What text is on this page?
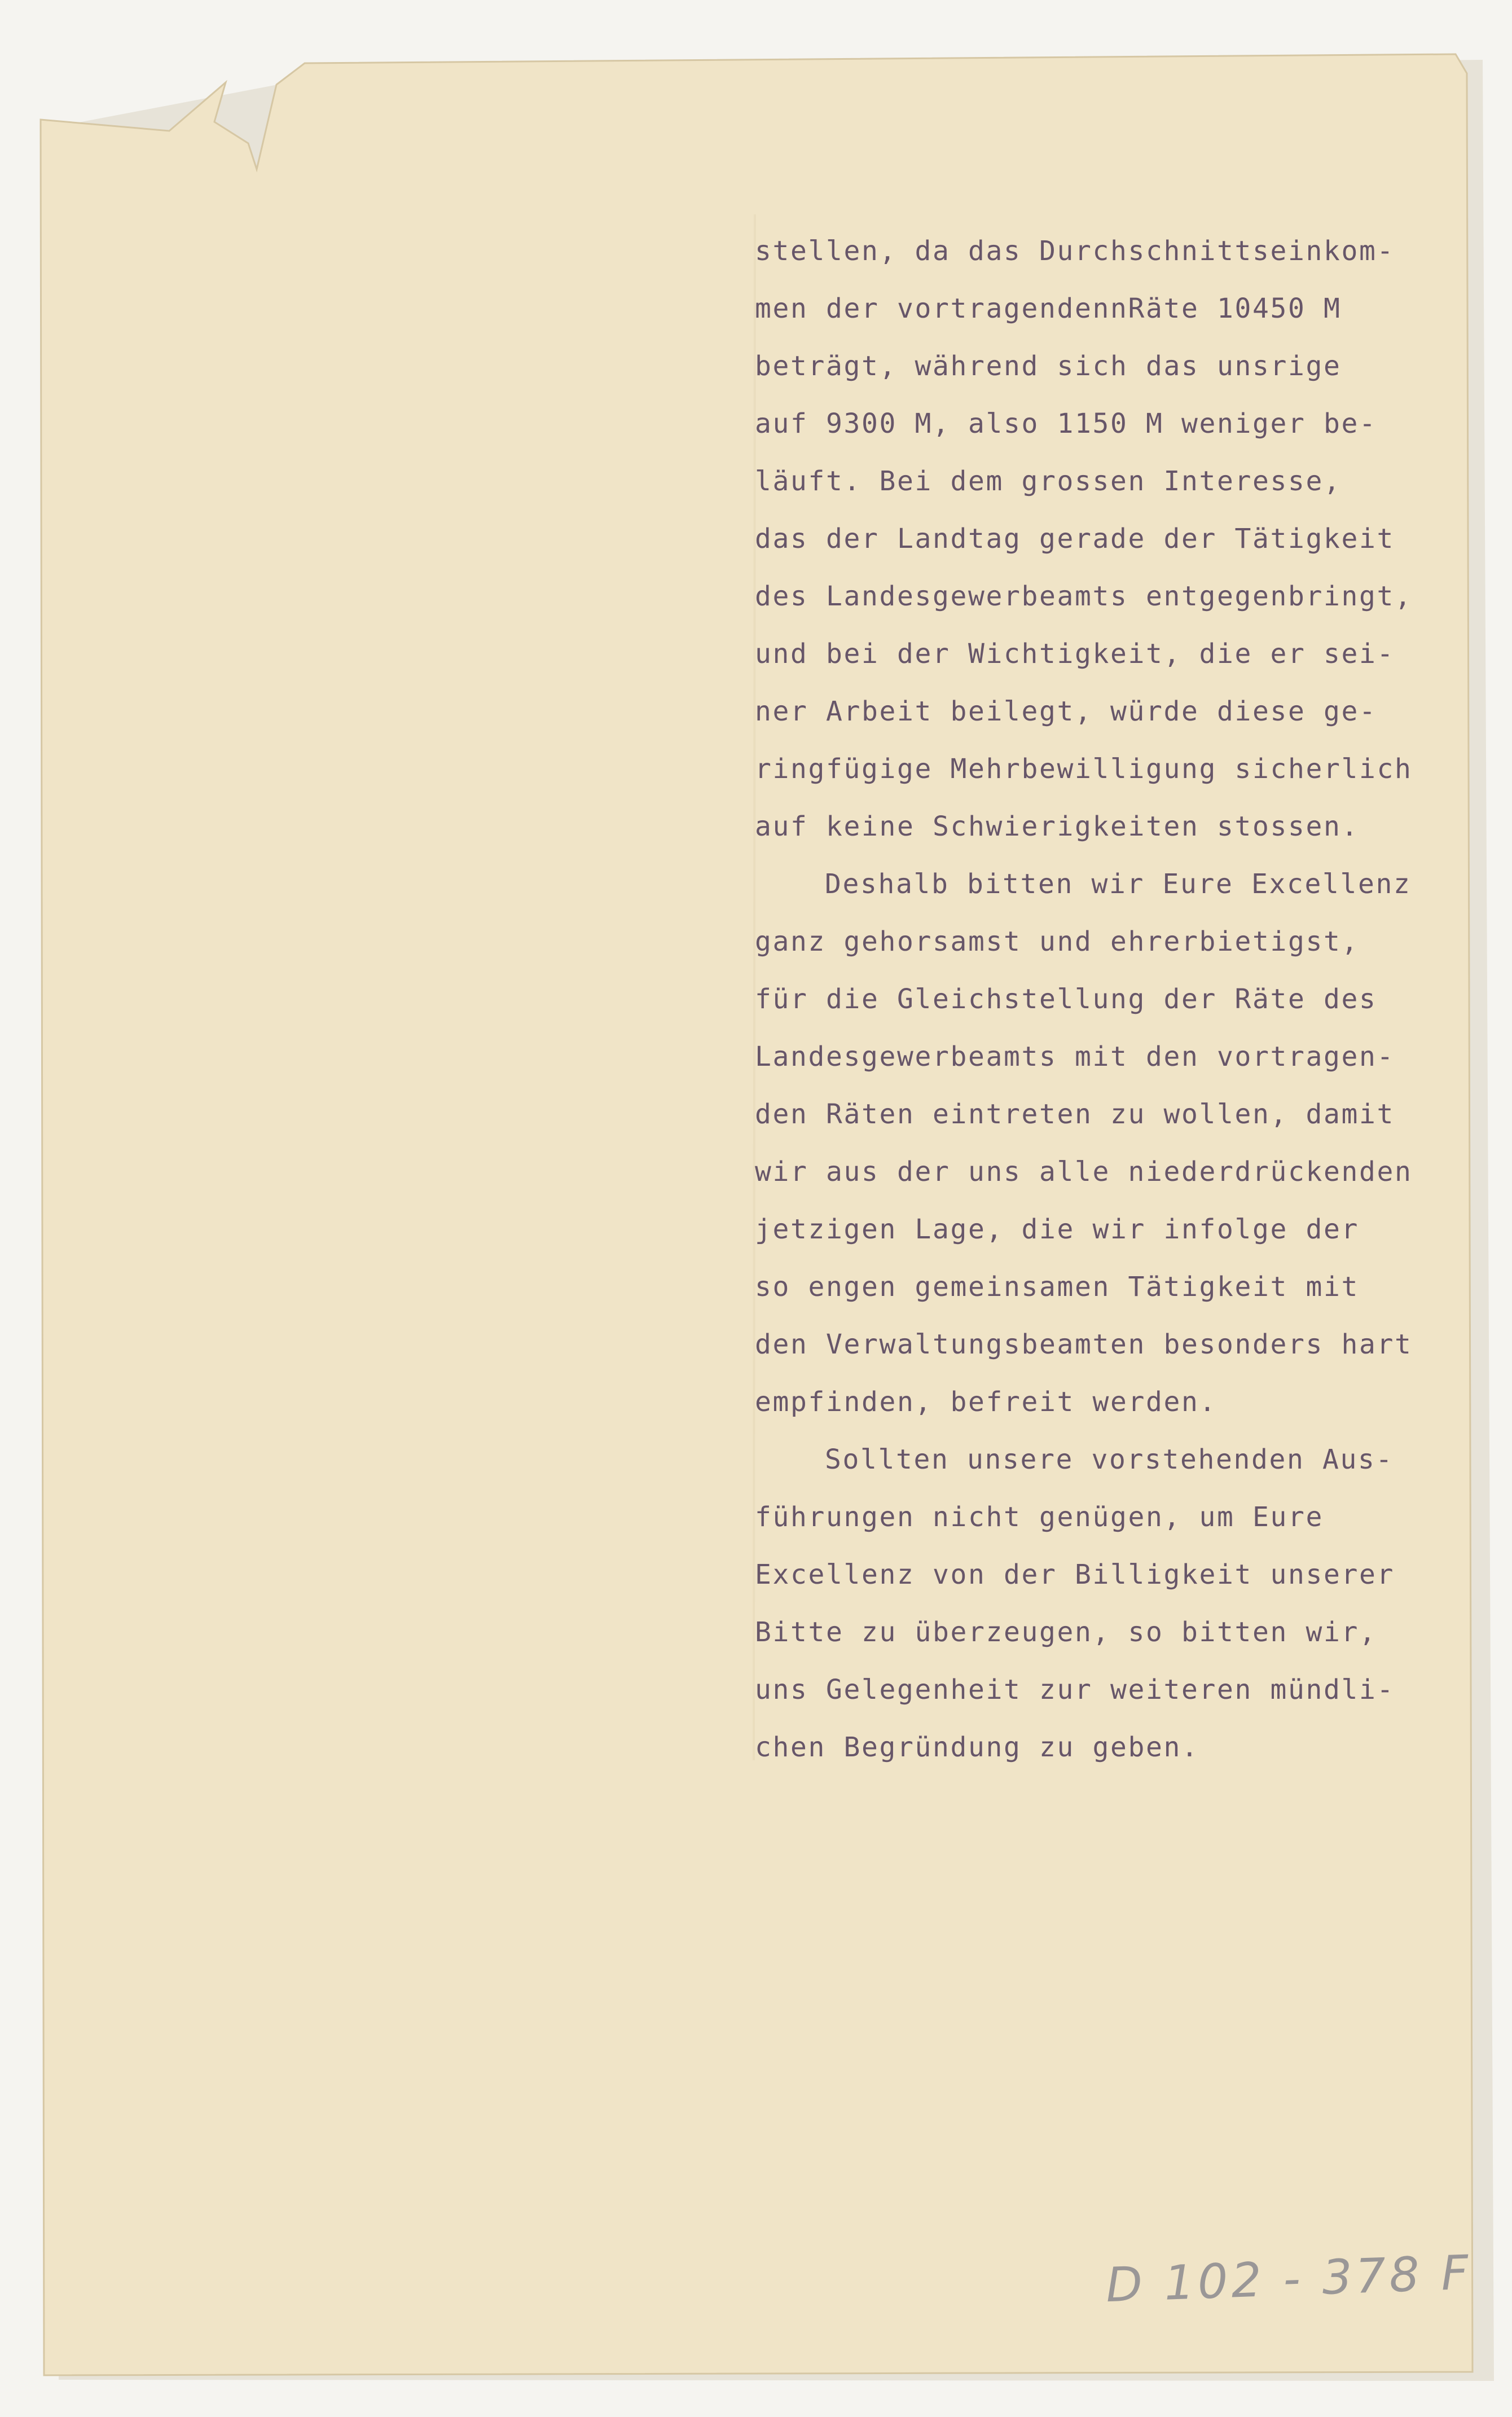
stellen, da das Durchschnittseinkom-
men der vortragendennRäte 10450 M
beträgt, während sich das unsrige
auf 9300 M, also 1150 M weniger be-
läuft. Bei dem grossen Interesse,
das der Landtag gerade der Tätigkeit
des Landesgewerbeamts entgegenbringt,
und bei der Wichtigkeit, die er sei-
ner Arbeit beilegt, würde diese ge-
ringfügige Mehrbewilligung sicherlich
auf keine Schwierigkeiten stossen.
Deshalb bitten wir Eure Excellenz
ganz gehorsamst und ehrerbietigst,
für die Gleichstellung der Räte des
Landesgewerbeamts mit den vortragen-
den Räten eintreten zu wollen, damit
wir aus der uns alle niederdrückenden
jetzigen Lage, die wir infolge der
so engen gemeinsamen Tätigkeit mit
den Verwaltungsbeamten besonders hart
empfinden, befreit werden.
Sollten unsere vorstehenden Aus-
führungen nicht genügen, um Eure
Excellenz von der Billigkeit unserer
Bitte zu überzeugen, so bitten wir,
uns Gelegenheit zur weiteren mündli-
chen Begründung zu geben.
D 102 - 378 F
